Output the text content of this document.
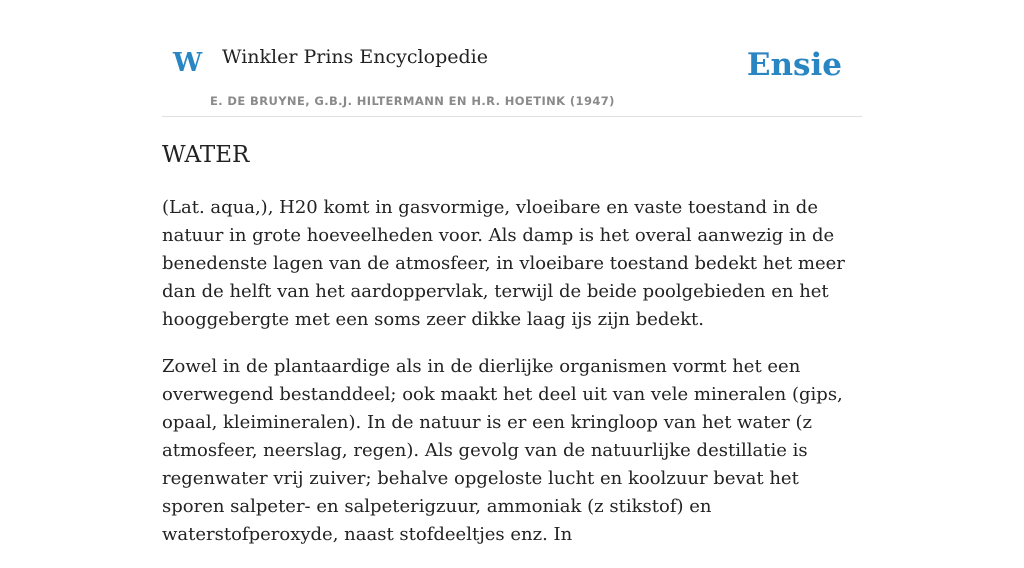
W Winkler Prins Encyclopedie
E. DE BRUYNE, G.B.J. HILTERMANN EN H.R. HOETINK (1947)
Ensie
WATER

(Lat. aqua,), H20 komt in gasvormige, vloeibare en vaste toestand in de natuur in grote hoeveelheden voor. Als damp is het overal aanwezig in de benedenste lagen van de atmosfeer, in vloeibare toestand bedekt het meer dan de helft van het aardoppervlak, terwijl de beide poolgebieden en het hooggebergte met een soms zeer dikke laag ijs zijn bedekt.

Zowel in de plantaardige als in de dierlijke organismen vormt het een overwegend bestanddeel; ook maakt het deel uit van vele mineralen (gips, opaal, kleimineralen). In de natuur is er een kringloop van het water (z atmosfeer, neerslag, regen). Als gevolg van de natuurlijke destillatie is regenwater vrij zuiver; behalve opgeloste lucht en koolzuur bevat het sporen salpeter- en salpeterigzuur, ammoniak (z stikstof) en waterstofperoxyde, naast stofdeeltjes enz. In
